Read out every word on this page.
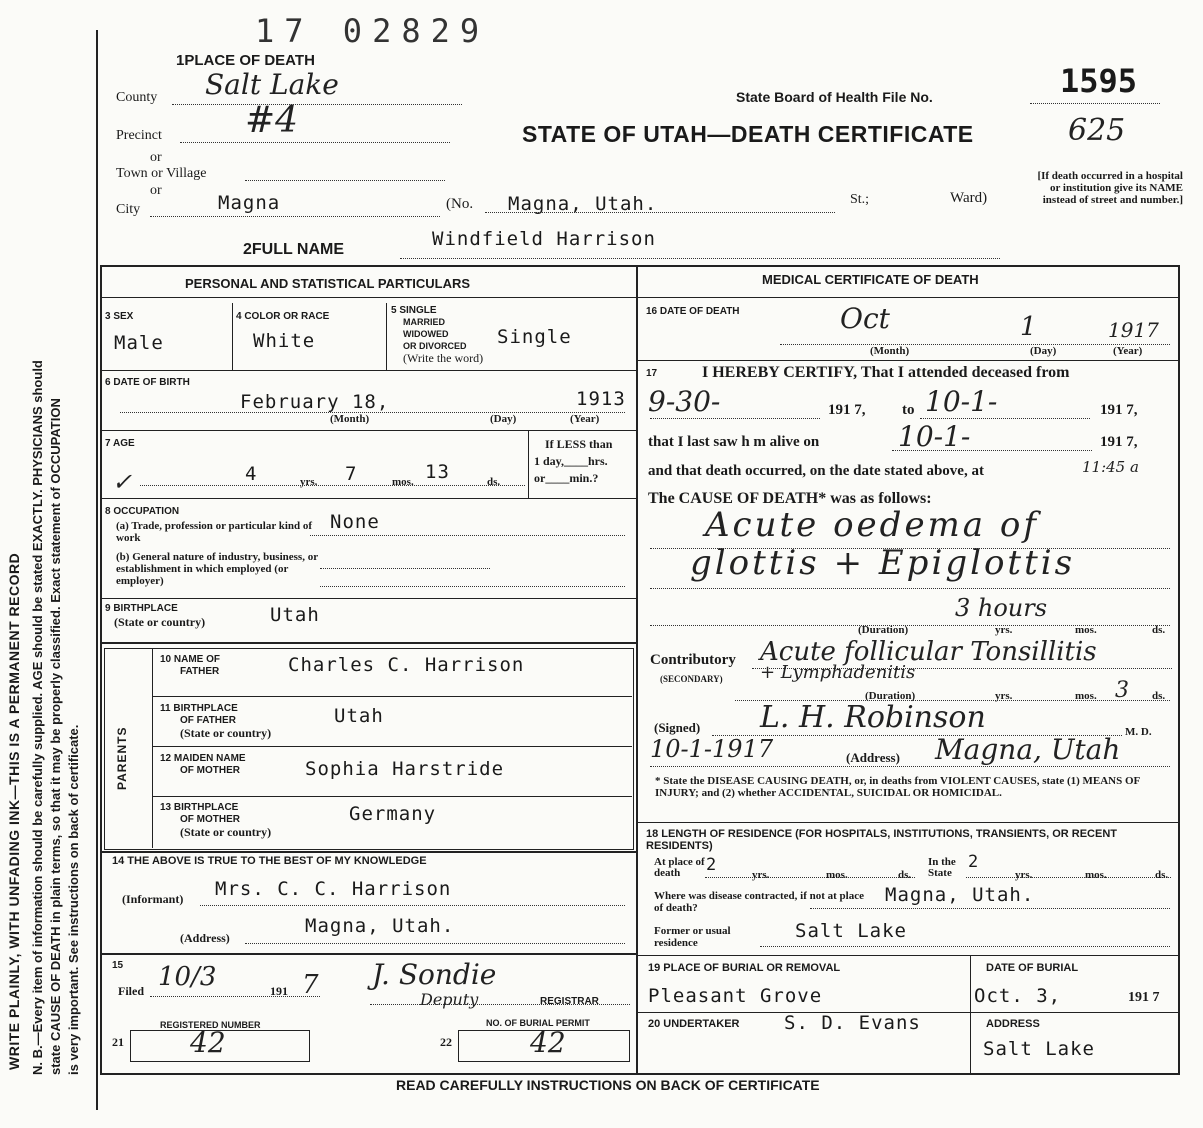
WRITE PLAINLY, WITH UNFADING INK—THIS IS A PERMANENT RECORD N. B.—Every item of information should be carefully supplied. AGE should be stated EXACTLY. PHYSICIANS should state CAUSE OF DEATH in plain terms, so that it may be properly classified. Exact statement of OCCUPATION is very important. See instructions on back of certificate.
17 02829
1PLACE OF DEATH
County Salt Lake
Precinct #4
or
Town or Village
or
City	Magna	(No. Magna, Utah.	St.;	Ward)
[If death occurred in a hospital or institution give its NAME instead of street and number.]
State Board of Health File No.	1595
625
STATE OF UTAH—DEATH CERTIFICATE
2FULL NAME	Windfield Harrison
PERSONAL AND STATISTICAL PARTICULARS
3 SEX
Male
4 COLOR OR RACE
White
5 SINGLE
MARRIED
WIDOWED
OR DIVORCED
(Write the word)
Single
6 DATE OF BIRTH
February 18,	1913
(Month)	(Day)	(Year)
7 AGE
✓	4	yrs. 7	mos. 13	ds.
If LESS than
1 day,____hrs.
or____min.?
8 OCCUPATION
(a) Trade, profession or particular kind of work
None
(b) General nature of industry, business, or establishment in which employed (or employer)
9 BIRTHPLACE
(State or country)	Utah
PARENTS
10 NAME OF
FATHER	Charles C. Harrison
11 BIRTHPLACE
OF FATHER
(State or country)
Utah
12 MAIDEN NAME
OF MOTHER	Sophia Harstride
13 BIRTHPLACE
OF MOTHER
(State or country)
Germany
14 THE ABOVE IS TRUE TO THE BEST OF MY KNOWLEDGE
(Informant) Mrs. C. C. Harrison
(Address)
Magna, Utah.
15
Filed 10/3	191 7 J. Sondie
Deputy	REGISTRAR
REGISTERED NUMBER
21 42
NO. OF BURIAL PERMIT
22	42
MEDICAL CERTIFICATE OF DEATH
16 DATE OF DEATH	Oct	1	1917
(Month)	(Day)	(Year)
17	I HEREBY CERTIFY, That I attended deceased from
9-30-	191 7, to 10-1-	191 7,
that I last saw h m alive on	10-1-	191 7,
and that death occurred, on the date stated above, at	11:45 a
The CAUSE OF DEATH* was as follows:
Acute oedema of
glottis + Epiglottis
3 hours
(Duration)	yrs.	mos.	ds.
Contributory
(SECONDARY)
Acute follicular Tonsillitis
+ Lymphadenitis
(Duration)	yrs.	mos. 3 ds.
(Signed) L. H. Robinson	M. D.
10-1-1917	(Address) Magna, Utah
* State the DISEASE CAUSING DEATH, or, in deaths from VIOLENT CAUSES, state (1) MEANS OF INJURY; and (2) whether ACCIDENTAL, SUICIDAL OR HOMICIDAL.
18 LENGTH OF RESIDENCE (FOR HOSPITALS, INSTITUTIONS, TRANSIENTS, OR RECENT RESIDENTS)
At place of death	2	yrs.	mos.	ds.
In the State
2
yrs.	mos.	ds.
Where was disease contracted, if not at place of death?
Magna, Utah.
Former or usual residence
Salt Lake
19 PLACE OF BURIAL OR REMOVAL
Pleasant Grove
DATE OF BURIAL
Oct. 3,	191 7
20 UNDERTAKER S. D. Evans	ADDRESS
Salt Lake
READ CAREFULLY INSTRUCTIONS ON BACK OF CERTIFICATE
